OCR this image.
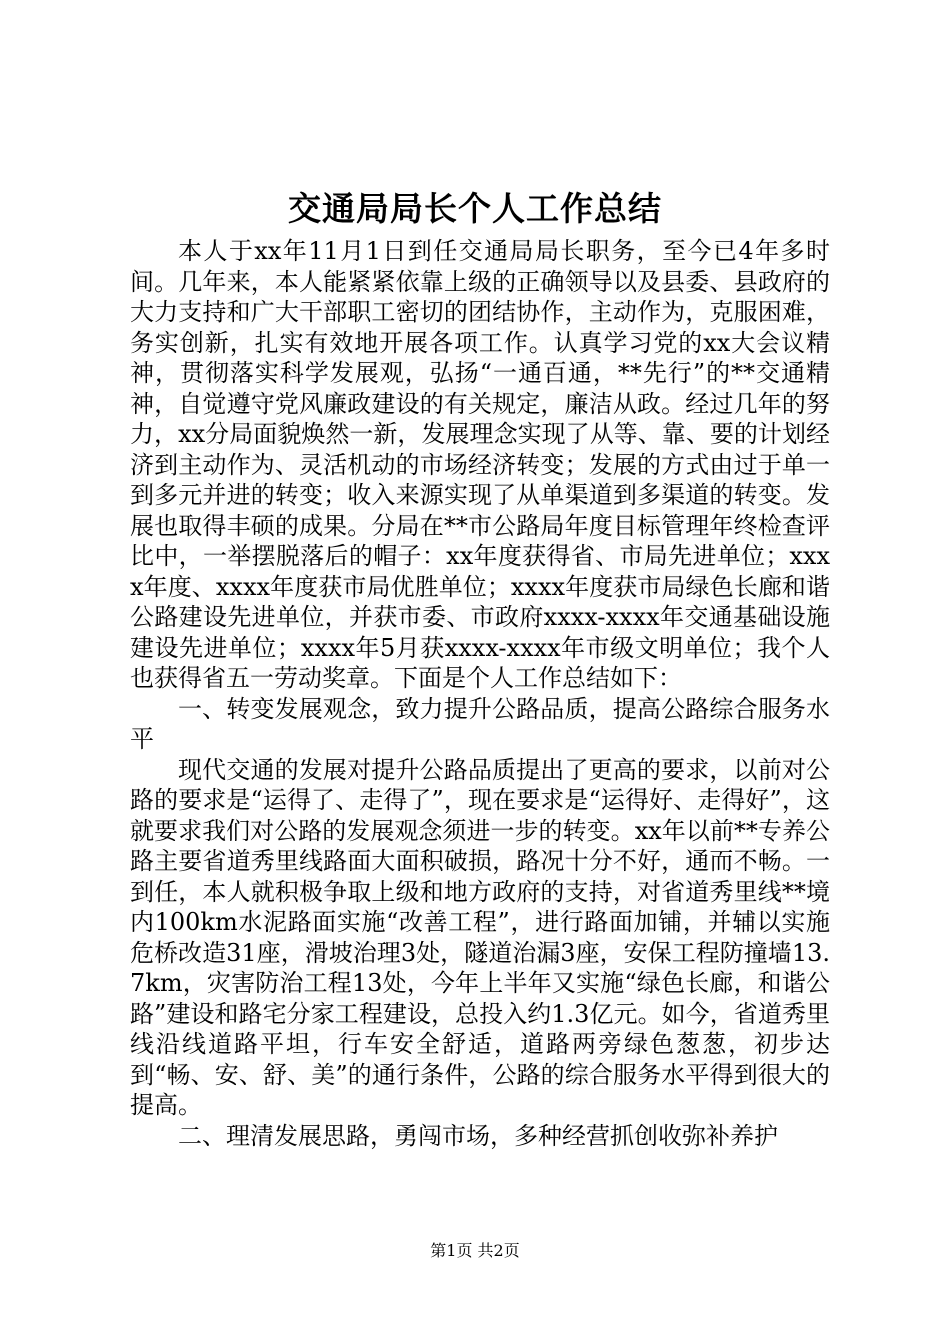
交通局局长个人工作总结

本人于xx年11月1日到任交通局局长职务，至今已4年多时间。几年来，本人能紧紧依靠上级的正确领导以及县委、县政府的大力支持和广大干部职工密切的团结协作，主动作为，克服困难，务实创新，扎实有效地开展各项工作。认真学习党的xx大会议精神，贯彻落实科学发展观，弘扬“一通百通，**先行”的**交通精神，自觉遵守党风廉政建设的有关规定，廉洁从政。经过几年的努力，xx分局面貌焕然一新，发展理念实现了从等、靠、要的计划经济到主动作为、灵活机动的市场经济转变；发展的方式由过于单一到多元并进的转变；收入来源实现了从单渠道到多渠道的转变。发展也取得丰硕的成果。分局在**市公路局年度目标管理年终检查评比中，一举摆脱落后的帽子：xx年度获得省、市局先进单位；xxxx年度、xxxx年度获市局优胜单位；xxxx年度获市局绿色长廊和谐公路建设先进单位，并获市委、市政府xxxx-xxxx年交通基础设施建设先进单位；xxxx年5月获xxxx-xxxx年市级文明单位；我个人也获得省五一劳动奖章。下面是个人工作总结如下：

一、转变发展观念，致力提升公路品质，提高公路综合服务水平

现代交通的发展对提升公路品质提出了更高的要求，以前对公路的要求是“运得了、走得了”，现在要求是“运得好、走得好”，这就要求我们对公路的发展观念须进一步的转变。xx年以前**专养公路主要省道秀里线路面大面积破损，路况十分不好，通而不畅。一到任，本人就积极争取上级和地方政府的支持，对省道秀里线**境内100km水泥路面实施“改善工程”，进行路面加铺，并辅以实施危桥改造31座，滑坡治理3处，隧道治漏3座，安保工程防撞墙13.7km，灾害防治工程13处，今年上半年又实施“绿色长廊，和谐公路”建设和路宅分家工程建设，总投入约1.3亿元。如今，省道秀里线沿线道路平坦，行车安全舒适，道路两旁绿色葱葱，初步达到“畅、安、舒、美”的通行条件，公路的综合服务水平得到很大的提高。

二、理清发展思路，勇闯市场，多种经营抓创收弥补养护

第1页 共2页
